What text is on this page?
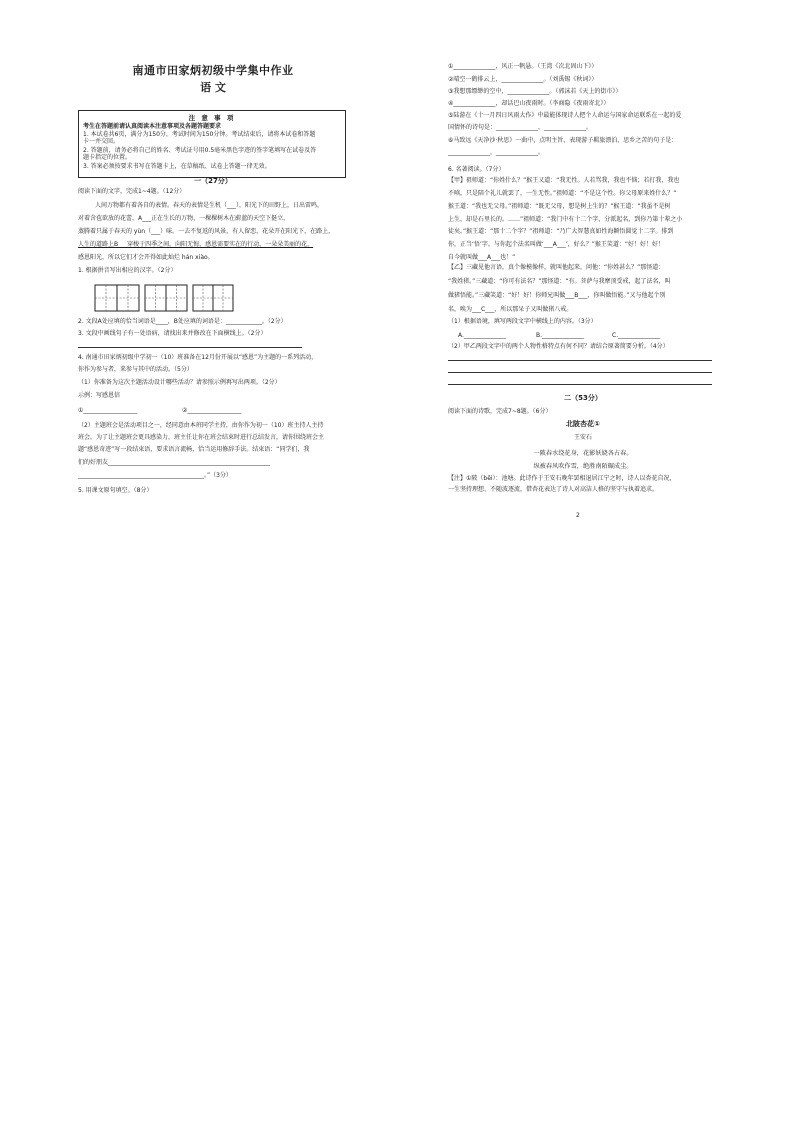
南通市田家炳初级中学集中作业
语 文
注 意 事 项
考生在答题前请认真阅读本注意事项及各题答题要求
1. 本试卷共6页，满分为150分，考试时间为150分钟。考试结束后，请将本试卷和答题
卡一并交回。
2. 答题前，请务必将自己的姓名、考试证号用0.5毫米黑色字迹的签字笔填写在试卷及答
题卡指定的位置。
3. 答案必须按要求书写在答题卡上，在草稿纸、试卷上答题一律无效。
一（27分）
阅读下面的文字，完成1~4题。（12分）
人间万物都有着各自的表情。春天的表情是生机（___），阳光下的田野上，日出雷鸣，
对着含苞欲放的花蕾，A___正在生长的万物，一棵棵树木在蔚蓝的天空下挺立，
蒸腾着只属于春天的 yùn（___）味。一去不复返的风景，有人留恋，花朵开在阳光下，在路上，
人生的道路上B___穿梭于四季之间。向阳无悔，感恩需要实在的行动，一朵朵美丽的花，
感恩阳光，所以它们才会开得如此灿烂 hán xiào。
1. 根据拼音写出相应的汉字。（2分）
2. 文段A处应填的恰当词语是____，B处应填的词语是：____________。（2分）
3. 文段中画线句子有一处语病，请找出来并修改在下面横线上。（2分）
4. 南通市田家炳初级中学初一（10）班准备在12月份开展以“感恩”为主题的一系列活动，
你作为参与者，来参与其中的活动。（5分）
（1）你准备为这次主题活动设计哪些活动？请参照示例再写出两项。（2分）
示例：写感恩信
①__________________	②__________________
（2）主题班会是活动项目之一，经同意由本班同学主持，由你作为初一（10）班主持人主持
班会。为了让主题班会更具感染力，班主任让你在班会结束时进行总结发言，请你围绕班会主
题“感恩奇迹”写一段结束语，要求语言流畅，恰当运用修辞手法。结束语：“同学们，我
们的好朋友______________________________________________________
__________________________________________。”（3分）
5. 用课文原句填空。（8分）
①______________，风正一帆悬。（王湾《次北固山下》）
②晴空一鹤排云上，______________。（刘禹锡《秋词》）
③我想那缥缈的空中，______________。（郭沫若《天上的街市》）
④______________，却话巴山夜雨时。（李商隐《夜雨寄北》）
⑤陆游在《十一月四日风雨大作》中最能体现诗人把个人命运与国家命运联系在一起的爱
国情怀的诗句是：______________，______________。
⑥马致远《天净沙·秋思》一曲中，点明主旨，表现游子羁旅漂泊、思乡之苦的句子是：
______________，______________。
6. 名著阅读。（7分）
【甲】祖师道：“你姓什么？”猴王又道：“我无性。人若骂我，我也不恼；若打我，我也
不嗔，只是陪个礼儿就罢了，一生无性。”祖师道：“不是这个性。你父母原来姓什么？”
猴王道：“我也无父母。”祖师道：“既无父母，想是树上生的？”猴王道：“我虽不是树
上生，却是石里长的。……”祖师道：“我门中有十二个字，分派起名，到你乃第十辈之小
徒矣。”猴王道：“那十二个字？”祖师道：“乃广大智慧真如性海颖悟圆觉十二字。排到
你，正当‘悟’字。与你起个法名叫做‘___A___’，好么？”猴王笑道：“好！好！好！
自今就叫做___A___也！”
【乙】三藏见他言语，真个像模像样，就叫他起来，问他：“你姓甚么？”那怪道：
“我姓猪。”三藏道：“你可有法名？”那怪道：“有。菩萨与我摩顶受戒，起了法名，叫
做猪悟能。”三藏笑道：“好！好！你师兄叫做___B___，你叫做悟能。”又与他起个别
名，唤为___C___，所以那呆子又叫做猪八戒。
（1）根据语境，填写两段文字中横线上的内容。（3分）
A.______________	B.______________	C.______________
（2）甲乙两段文字中的两个人物性格特点有何不同？请结合原著简要分析。（4分）
二（53分）
阅读下面的诗歌，完成7~8题。（6分）
北陂杏花①
王安石
一陂春水绕花身，花影妖娆各占春。
纵被春风吹作雪，绝胜南陌碾成尘。
【注】①陂（bēi）：池塘。此诗作于王安石晚年罢相退居江宁之时，诗人以杏花自况，
一生坚持理想、不随波逐流，借杏花表达了诗人对高洁人格的坚守与执着追求。
2
